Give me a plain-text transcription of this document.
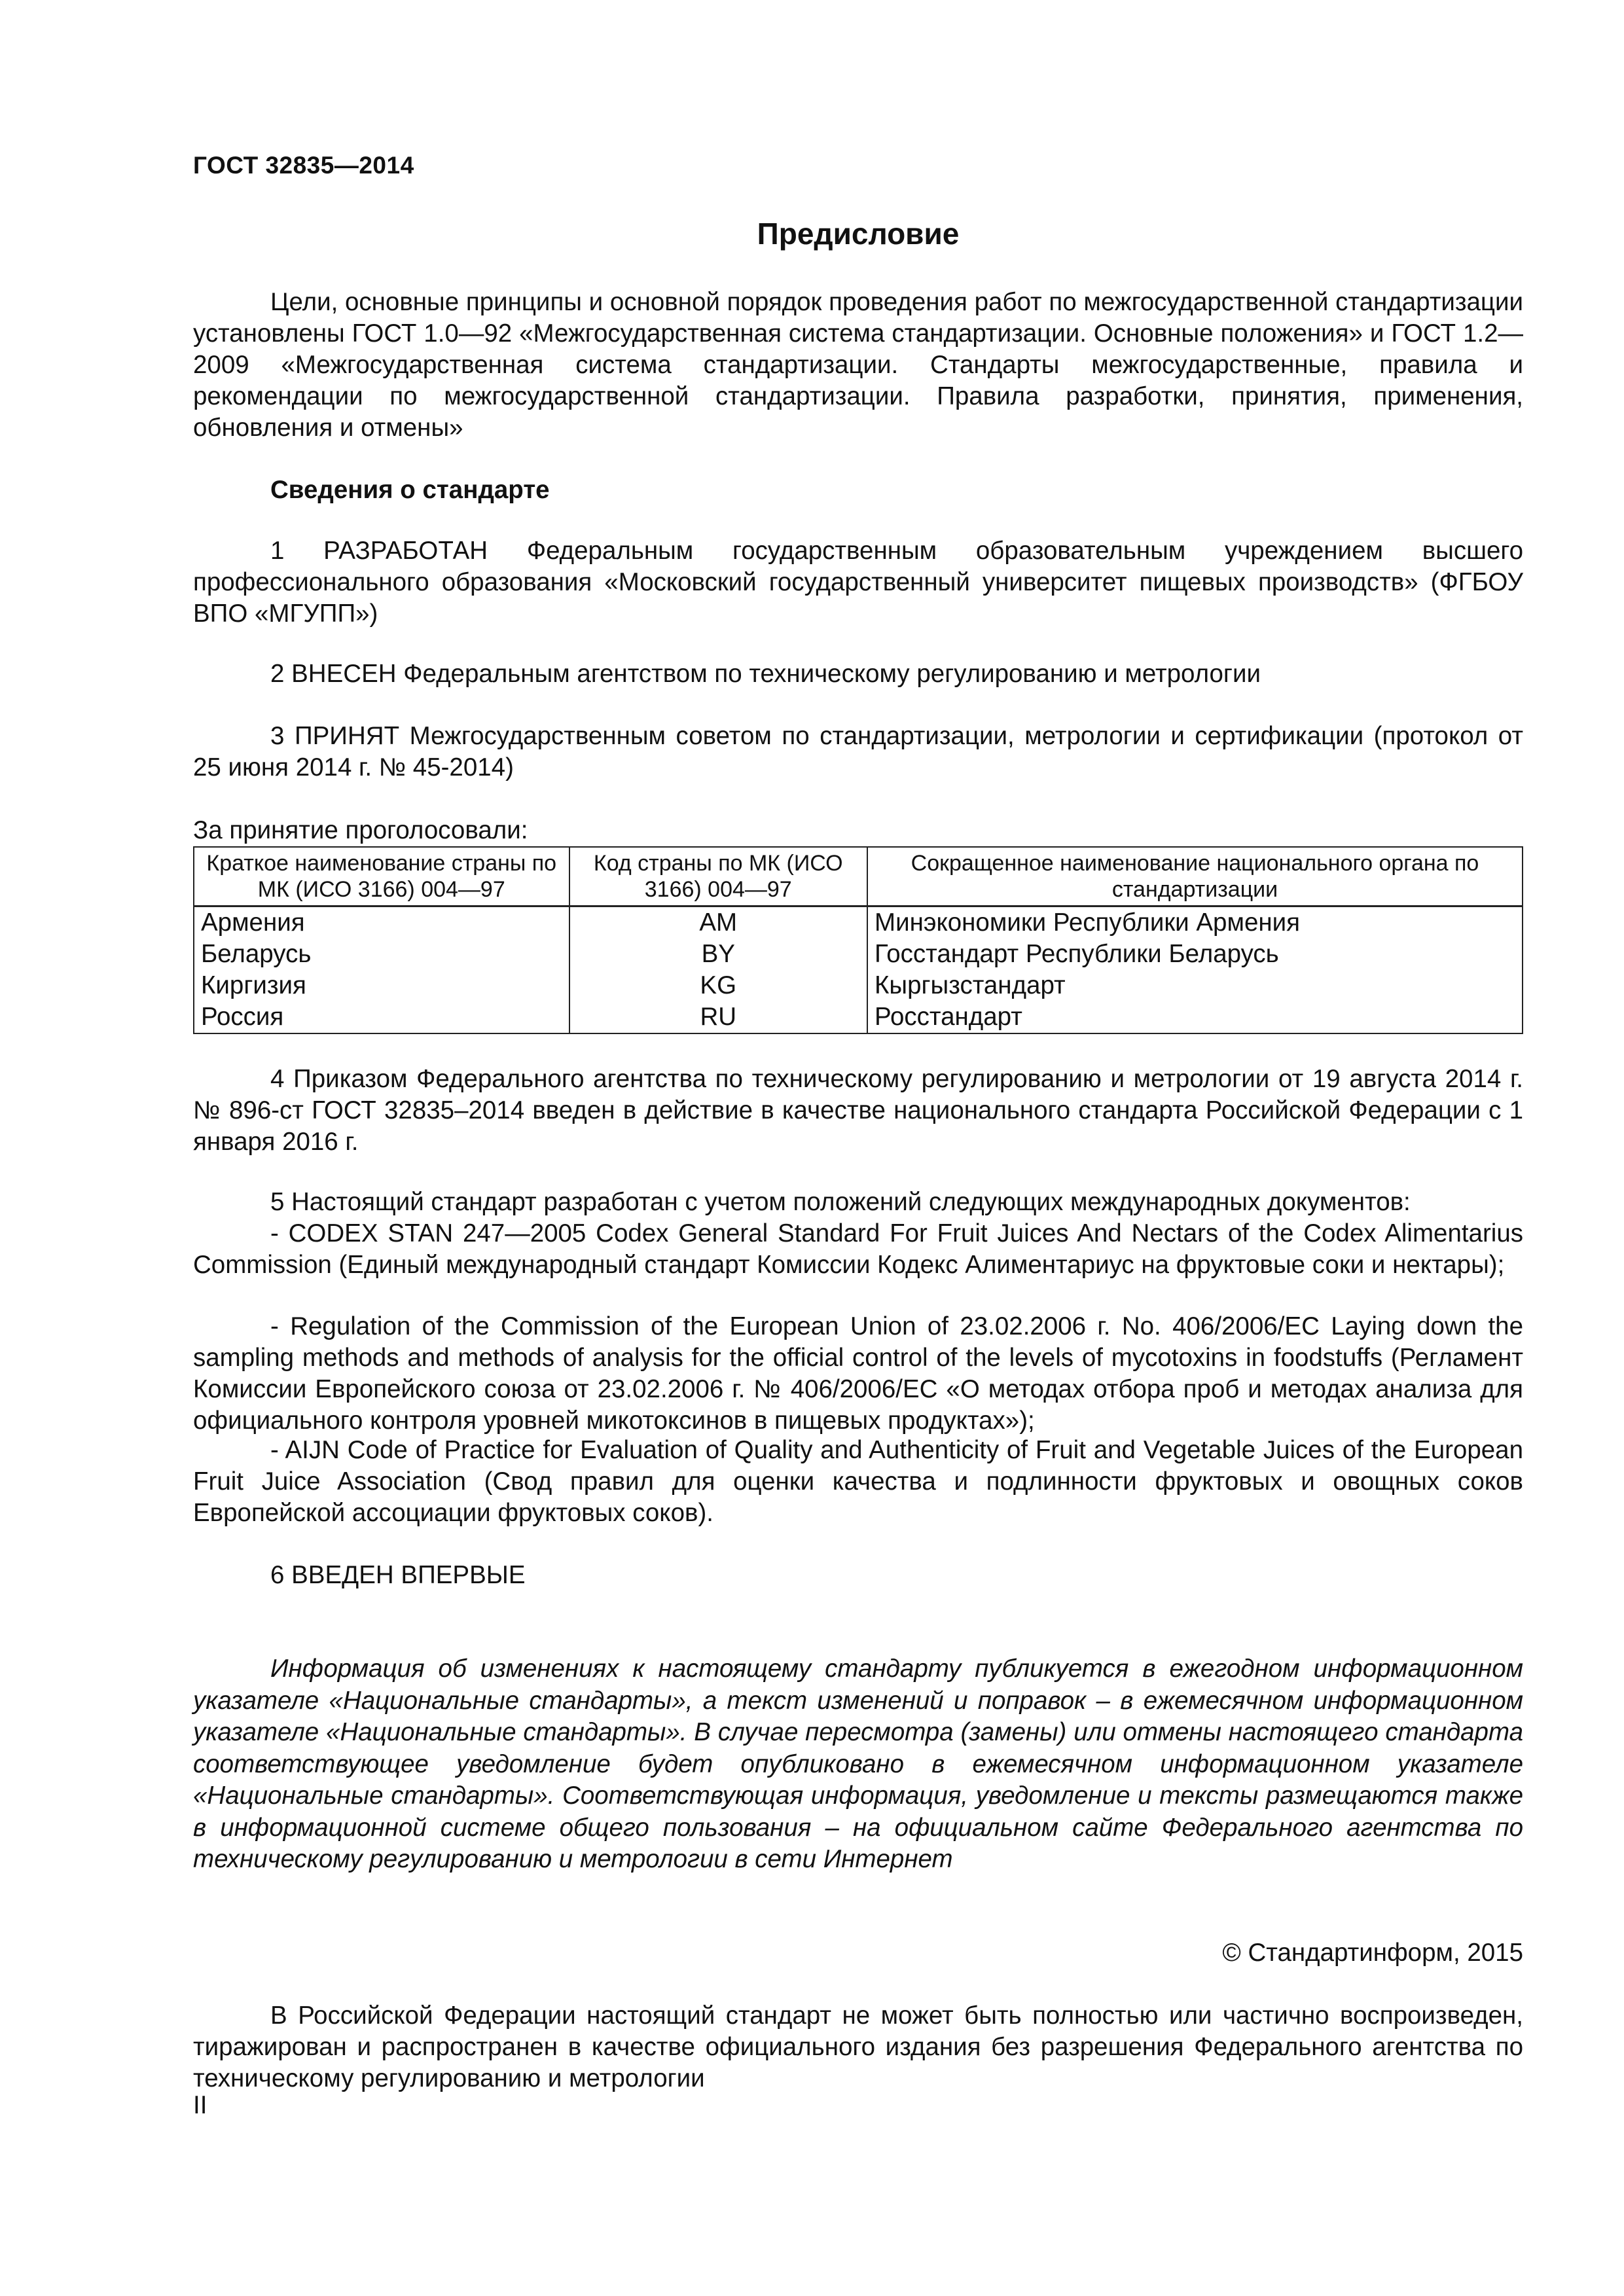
ГОСТ 32835—2014
Предисловие

Цели, основные принципы и основной порядок проведения работ по межгосударственной стандартизации установлены ГОСТ 1.0—92 «Межгосударственная система стандартизации. Основные положения» и ГОСТ 1.2—2009 «Межгосударственная система стандартизации. Стандарты межгосударственные, правила и рекомендации по межгосударственной стандартизации. Правила разработки, принятия, применения, обновления и отмены»

Сведения о стандарте

1 РАЗРАБОТАН Федеральным государственным образовательным учреждением высшего профессионального образования «Московский государственный университет пищевых производств» (ФГБОУ ВПО «МГУПП»)

2 ВНЕСЕН Федеральным агентством по техническому регулированию и метрологии

3 ПРИНЯТ Межгосударственным советом по стандартизации, метрологии и сертификации (протокол от 25 июня 2014 г. № 45-2014)

За принятие проголосовали:

Краткое наименование страны по МК (ИСО 3166) 004—97	Код страны по МК (ИСО 3166) 004—97	Сокращенное наименование национального органа по стандартизации
Армения	AM	Минэкономики Республики Армения
Беларусь	BY	Госстандарт Республики Беларусь
Киргизия	KG	Кыргызстандарт
Россия	RU	Росстандарт

4 Приказом Федерального агентства по техническому регулированию и метрологии от 19 августа 2014 г. № 896-ст ГОСТ 32835–2014 введен в действие в качестве национального стандарта Российской Федерации с 1 января 2016 г.

5 Настоящий стандарт разработан с учетом положений следующих международных документов:

- CODEX STAN 247—2005 Codex General Standard For Fruit Juices And Nectars of the Codex Alimentarius Commission (Единый международный стандарт Комиссии Кодекс Алиментариус на фруктовые соки и нектары);

- Regulation of the Commission of the European Union of 23.02.2006 г. No. 406/2006/EC Laying down the sampling methods and methods of analysis for the official control of the levels of mycotoxins in foodstuffs (Регламент Комиссии Европейского союза от 23.02.2006 г. № 406/2006/ЕС «О методах отбора проб и методах анализа для официального контроля уровней микотоксинов в пищевых продуктах»);

- AIJN Code of Practice for Evaluation of Quality and Authenticity of Fruit and Vegetable Juices of the European Fruit Juice Association (Свод правил для оценки качества и подлинности фруктовых и овощных соков Европейской ассоциации фруктовых соков).

6 ВВЕДЕН ВПЕРВЫЕ

Информация об изменениях к настоящему стандарту публикуется в ежегодном информационном указателе «Национальные стандарты», а текст изменений и поправок – в ежемесячном информационном указателе «Национальные стандарты». В случае пересмотра (замены) или отмены настоящего стандарта соответствующее уведомление будет опубликовано в ежемесячном информационном указателе «Национальные стандарты». Соответствующая информация, уведомление и тексты размещаются также в информационной системе общего пользования – на официальном сайте Федерального агентства по техническому регулированию и метрологии в сети Интернет

© Стандартинформ, 2015

В Российской Федерации настоящий стандарт не может быть полностью или частично воспроизведен, тиражирован и распространен в качестве официального издания без разрешения Федерального агентства по техническому регулированию и метрологии

II
